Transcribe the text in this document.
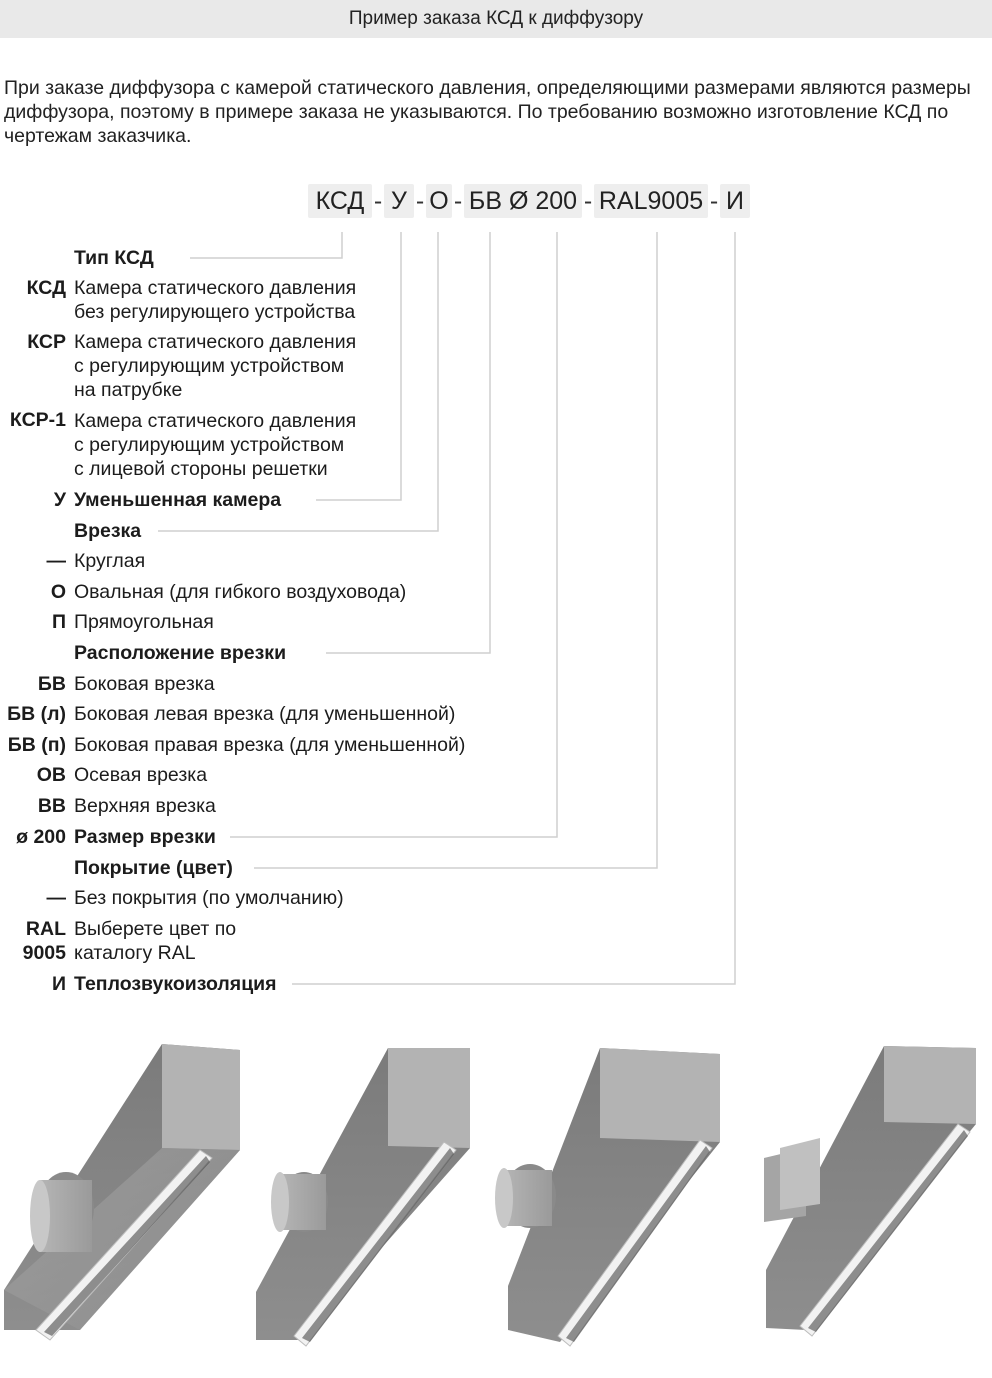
Пример заказа КСД к диффузору
При заказе диффузора с камерой статического давления, определяющими размерами являются размеры диффузора, поэтому в примере заказа не указываются. По требованию возможно изготовление КСД по чертежам заказчика.
КСД - У - О - БВ Ø 200 - RAL9005 - И
Тип КСД
КСД Камера статического давления
без регулирующего устройства
КСР Камера статического давления
с регулирующим устройством
на патрубке
КСР-1 Камера статического давления
с регулирующим устройством
с лицевой стороны решетки
У Уменьшенная камера
Врезка
— Круглая
О Овальная (для гибкого воздуховода)
П Прямоугольная
Расположение врезки
БВ Боковая врезка
БВ (л) Боковая левая врезка (для уменьшенной)
БВ (п) Боковая правая врезка (для уменьшенной)
ОВ Осевая врезка
ВВ Верхняя врезка
ø 200 Размер врезки
Покрытие (цвет)
— Без покрытия (по умолчанию)
RAL
9005
Выберете цвет по
каталогу RAL
И Теплозвукоизоляция
